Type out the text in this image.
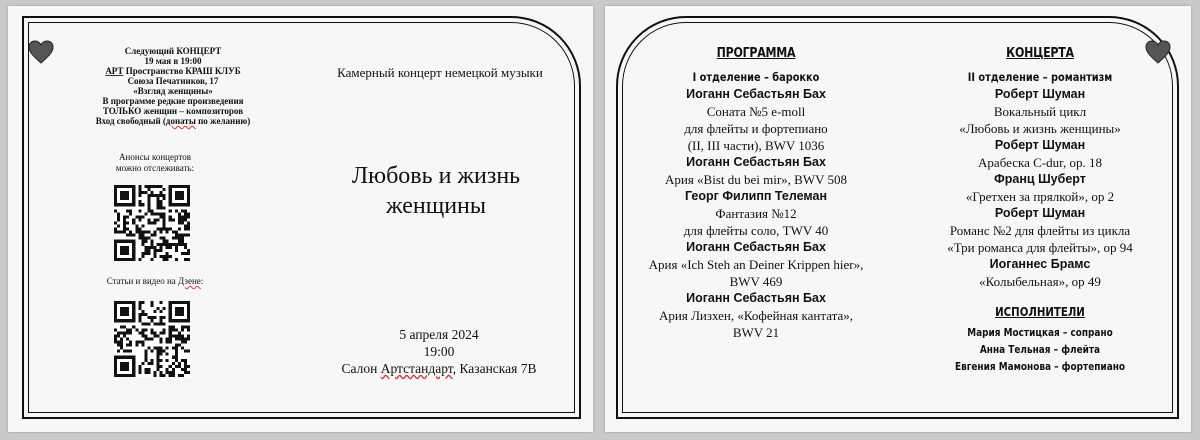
Следующий КОНЦЕРТ
19 мая в 19:00
АРТ Пространство КРАШ КЛУБ
Союза Печатников, 17
«Взгляд женщины»
В программе редкие произведения
ТОЛЬКО женщин – композиторов
Вход свободный (донаты по желанию)
Анонсы концертов
можно отслеживать:
Статьи и видео на Дзене:
Камерный концерт немецкой музыки
Любовь и жизнь
женщины
5 апреля 2024
19:00
Салон Артстандарт, Казанская 7В
ПРОГРАММА
I отделение – барокко
Иоганн Себастьян Бах
Соната №5 e-moll
для флейты и фортепиано
(II, III части), BWV 1036
Иоганн Себастьян Бах
Ария «Bist du bei mir», BWV 508
Георг Филипп Телеман
Фантазия №12
для флейты соло, TWV 40
Иоганн Себастьян Бах
Ария «Ich Steh an Deiner Krippen hier»,
BWV 469
Иоганн Себастьян Бах
Ария Лизхен, «Кофейная кантата»,
BWV 21
КОНЦЕРТА
II отделение – романтизм
Роберт Шуман
Вокальный цикл
«Любовь и жизнь женщины»
Роберт Шуман
Арабеска C-dur, ор. 18
Франц Шуберт
«Гретхен за прялкой», ор 2
Роберт Шуман
Романс №2 для флейты из цикла
«Три романса для флейты», ор 94
Иоганнес Брамс
«Колыбельная», ор 49
ИСПОЛНИТЕЛИ
Мария Мостицкая – сопрано
Анна Тельная – флейта
Евгения Мамонова – фортепиано
